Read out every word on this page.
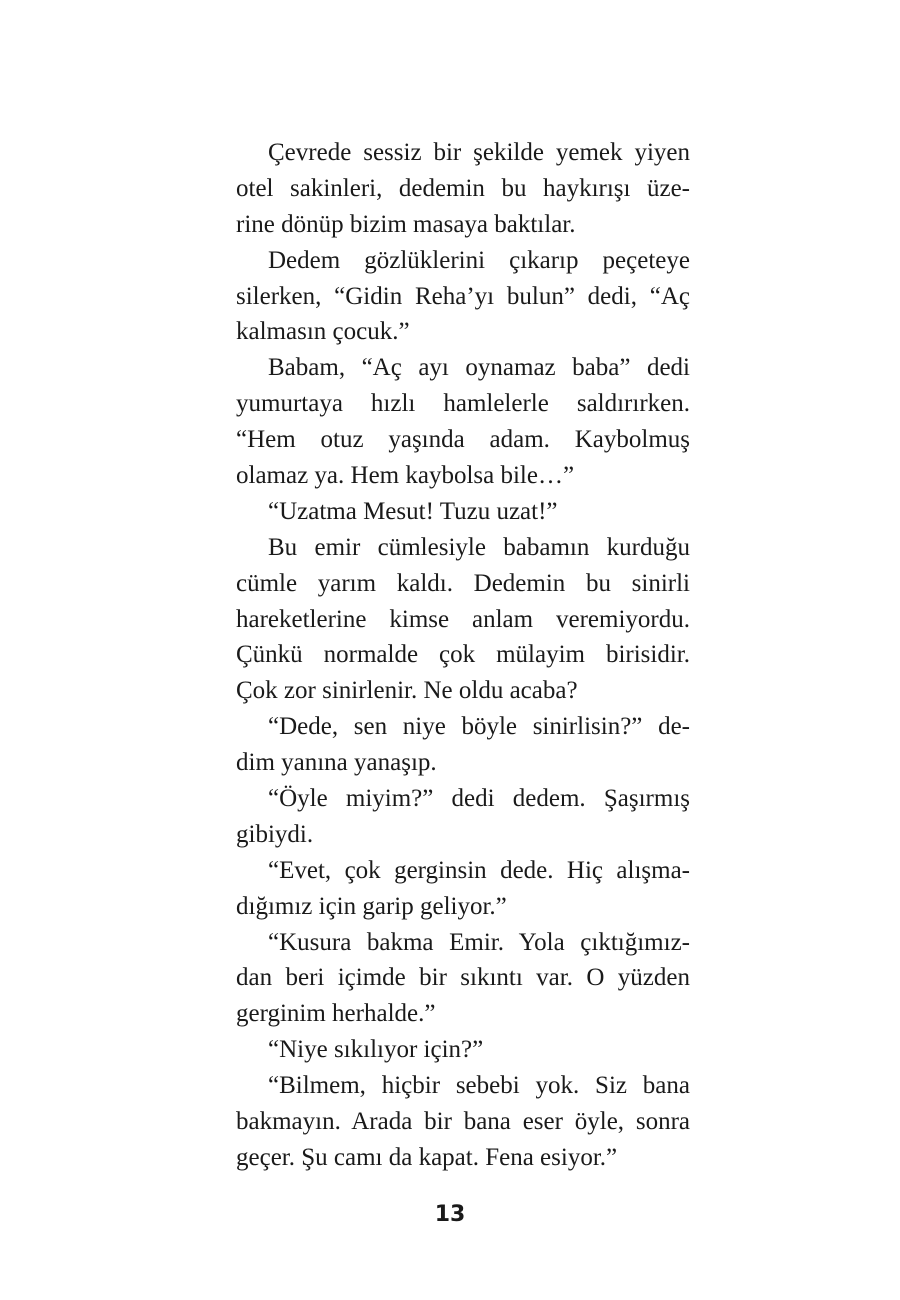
Çevrede sessiz bir şekilde yemek yiyen
otel sakinleri, dedemin bu haykırışı üze-
rine dönüp bizim masaya baktılar.
Dedem gözlüklerini çıkarıp peçeteye
silerken, “Gidin Reha’yı bulun” dedi, “Aç
kalmasın çocuk.”
Babam, “Aç ayı oynamaz baba” dedi
yumurtaya hızlı hamlelerle saldırırken.
“Hem otuz yaşında adam. Kaybolmuş
olamaz ya. Hem kaybolsa bile…”
“Uzatma Mesut! Tuzu uzat!”
Bu emir cümlesiyle babamın kurduğu
cümle yarım kaldı. Dedemin bu sinirli
hareketlerine kimse anlam veremiyordu.
Çünkü normalde çok mülayim birisidir.
Çok zor sinirlenir. Ne oldu acaba?
“Dede, sen niye böyle sinirlisin?” de-
dim yanına yanaşıp.
“Öyle miyim?” dedi dedem. Şaşırmış
gibiydi.
“Evet, çok gerginsin dede. Hiç alışma-
dığımız için garip geliyor.”
“Kusura bakma Emir. Yola çıktığımız-
dan beri içimde bir sıkıntı var. O yüzden
gerginim herhalde.”
“Niye sıkılıyor için?”
“Bilmem, hiçbir sebebi yok. Siz bana
bakmayın. Arada bir bana eser öyle, sonra
geçer. Şu camı da kapat. Fena esiyor.”
13
